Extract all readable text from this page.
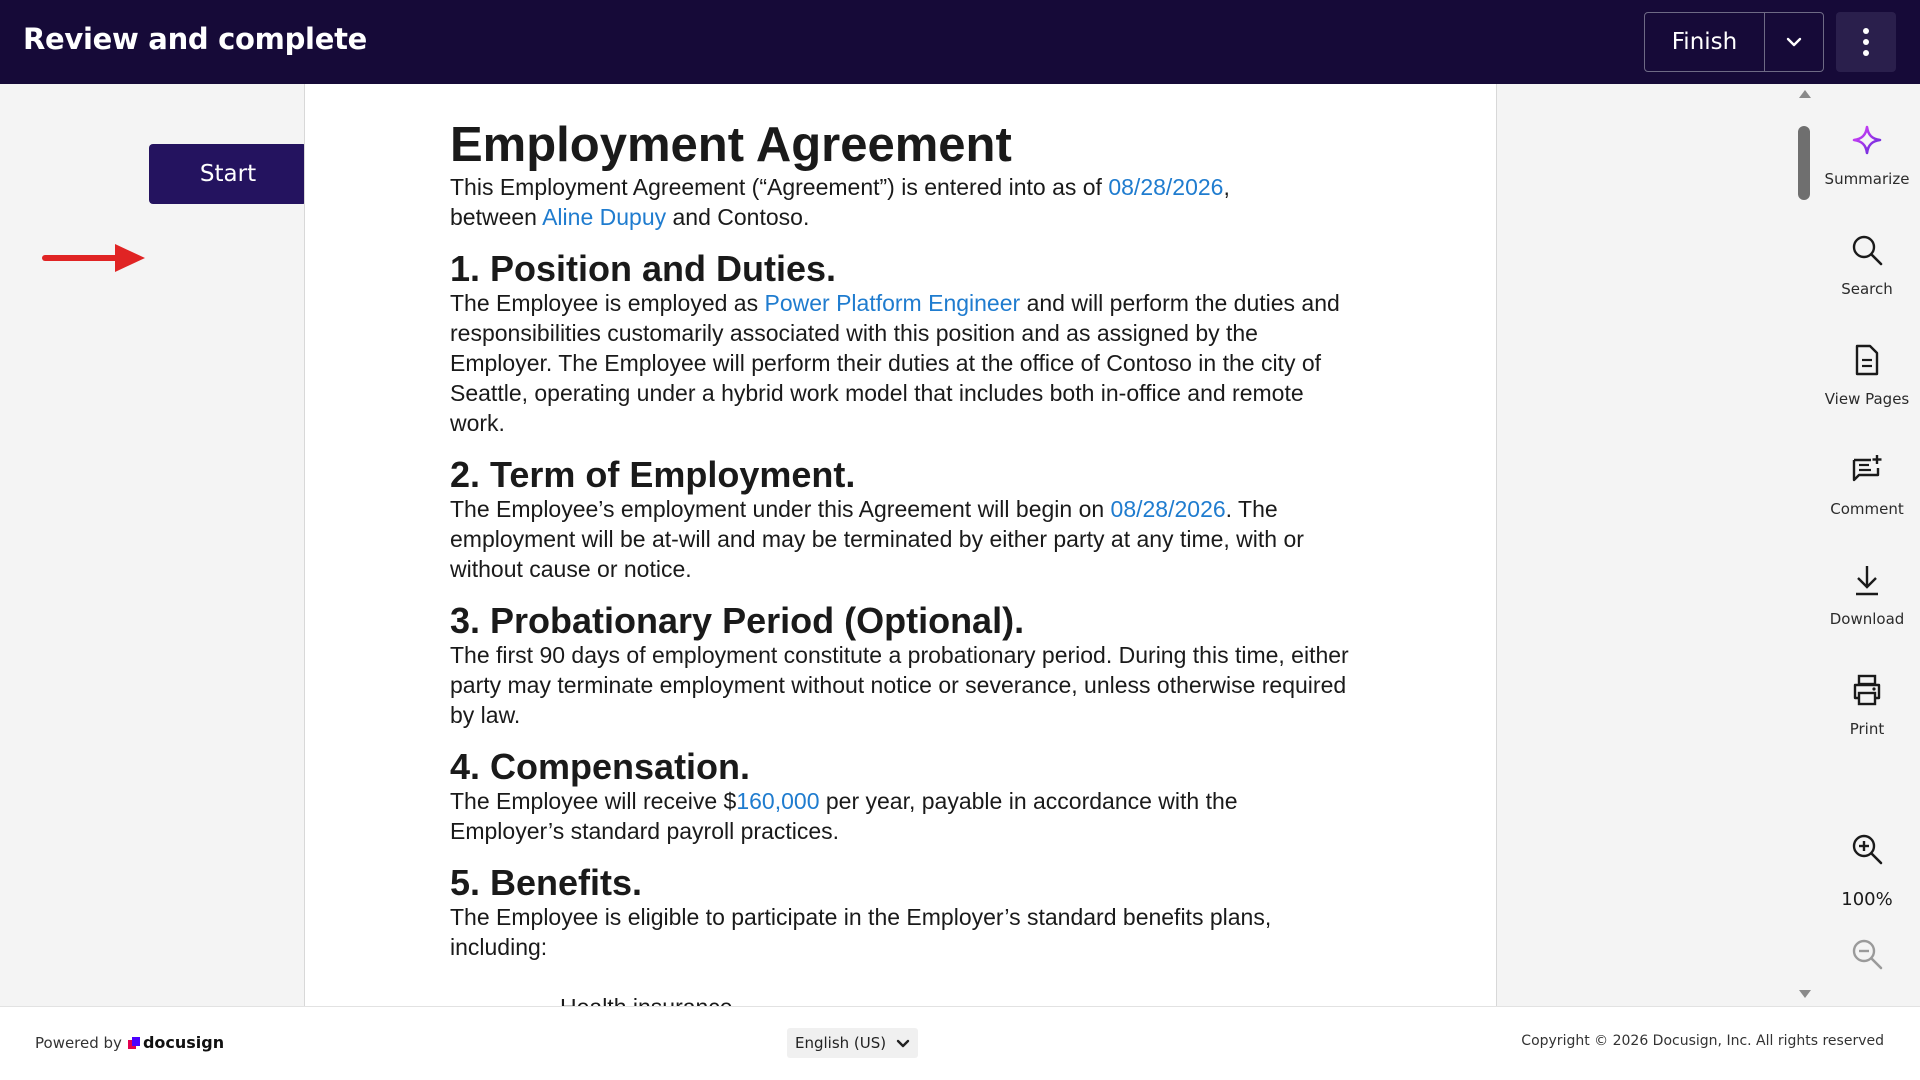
Review and complete	Finish
Start
Employment Agreement

This Employment Agreement (“Agreement”) is entered into as of 08/28/2026,
between Aline Dupuy and Contoso.

1. Position and Duties.

The Employee is employed as Power Platform Engineer and will perform the duties and responsibilities customarily associated with this position and as assigned by the Employer. The Employee will perform their duties at the office of Contoso in the city of Seattle, operating under a hybrid work model that includes both in-office and remote work.

2. Term of Employment.

The Employee’s employment under this Agreement will begin on 08/28/2026. The employment will be at-will and may be terminated by either party at any time, with or without cause or notice.

3. Probationary Period (Optional).

The first 90 days of employment constitute a probationary period. During this time, either party may terminate employment without notice or severance, unless otherwise required by law.

4. Compensation.

The Employee will receive $160,000 per year, payable in accordance with the Employer’s standard payroll practices.

5. Benefits.

The Employee is eligible to participate in the Employer’s standard benefits plans, including:

Summarize
Search
View Pages
Comment
Download
Print
100%
Powered by docusign	English (US)	Copyright © 2026 Docusign, Inc. All rights reserved
